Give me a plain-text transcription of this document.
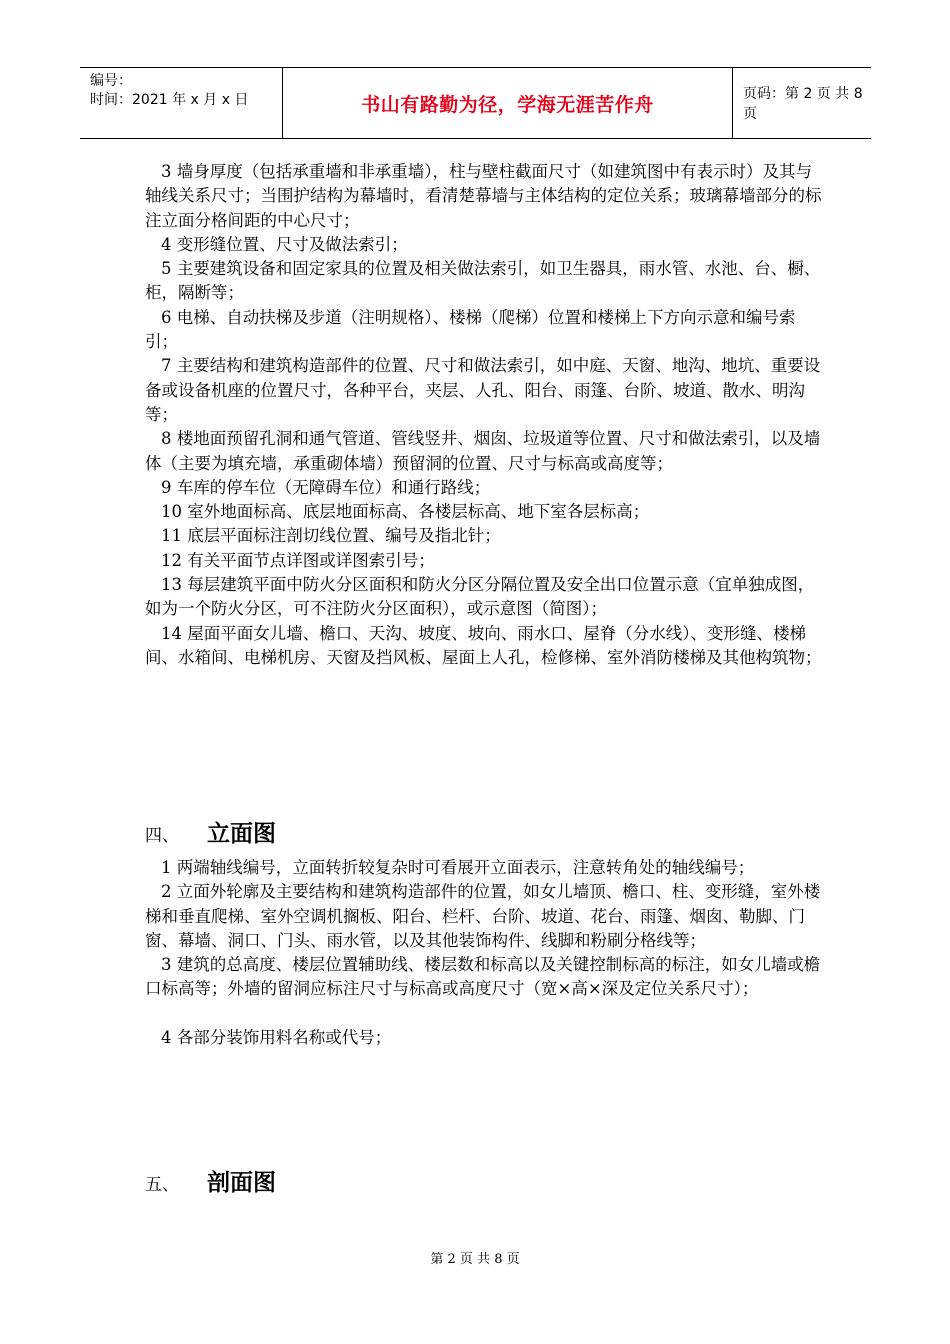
编号：
时间：2021 年 x 月 x 日	书山有路勤为径，学海无涯苦作舟	页码：第 2 页 共 8 页

3 墙身厚度（包括承重墙和非承重墙），柱与壁柱截面尺寸（如建筑图中有表示时）及其与轴线关系尺寸；当围护结构为幕墙时，看清楚幕墙与主体结构的定位关系；玻璃幕墙部分的标注立面分格间距的中心尺寸；

4 变形缝位置、尺寸及做法索引；

5 主要建筑设备和固定家具的位置及相关做法索引，如卫生器具，雨水管、水池、台、橱、柜，隔断等；

6 电梯、自动扶梯及步道（注明规格）、楼梯（爬梯）位置和楼梯上下方向示意和编号索引；

7 主要结构和建筑构造部件的位置、尺寸和做法索引，如中庭、天窗、地沟、地坑、重要设备或设备机座的位置尺寸，各种平台，夹层、人孔、阳台、雨篷、台阶、坡道、散水、明沟等；

8 楼地面预留孔洞和通气管道、管线竖井、烟囱、垃圾道等位置、尺寸和做法索引，以及墙体（主要为填充墙，承重砌体墙）预留洞的位置、尺寸与标高或高度等；

9 车库的停车位（无障碍车位）和通行路线；

10 室外地面标高、底层地面标高、各楼层标高、地下室各层标高；

11 底层平面标注剖切线位置、编号及指北针；

12 有关平面节点详图或详图索引号；

13 每层建筑平面中防火分区面积和防火分区分隔位置及安全出口位置示意（宜单独成图，如为一个防火分区，可不注防火分区面积），或示意图（简图）；

14 屋面平面女儿墙、檐口、天沟、坡度、坡向、雨水口、屋脊（分水线）、变形缝、楼梯间、水箱间、电梯机房、天窗及挡风板、屋面上人孔，检修梯、室外消防楼梯及其他构筑物；

四、	立面图

1 两端轴线编号，立面转折较复杂时可看展开立面表示，注意转角处的轴线编号；

2 立面外轮廓及主要结构和建筑构造部件的位置，如女儿墙顶、檐口、柱、变形缝，室外楼梯和垂直爬梯、室外空调机搁板、阳台、栏杆、台阶、坡道、花台、雨篷、烟囱、勒脚、门窗、幕墙、洞口、门头、雨水管，以及其他装饰构件、线脚和粉刷分格线等；

3 建筑的总高度、楼层位置辅助线、楼层数和标高以及关键控制标高的标注，如女儿墙或檐口标高等；外墙的留洞应标注尺寸与标高或高度尺寸（宽×高×深及定位关系尺寸）；

4 各部分装饰用料名称或代号；

五、	剖面图
第 2 页 共 8 页
